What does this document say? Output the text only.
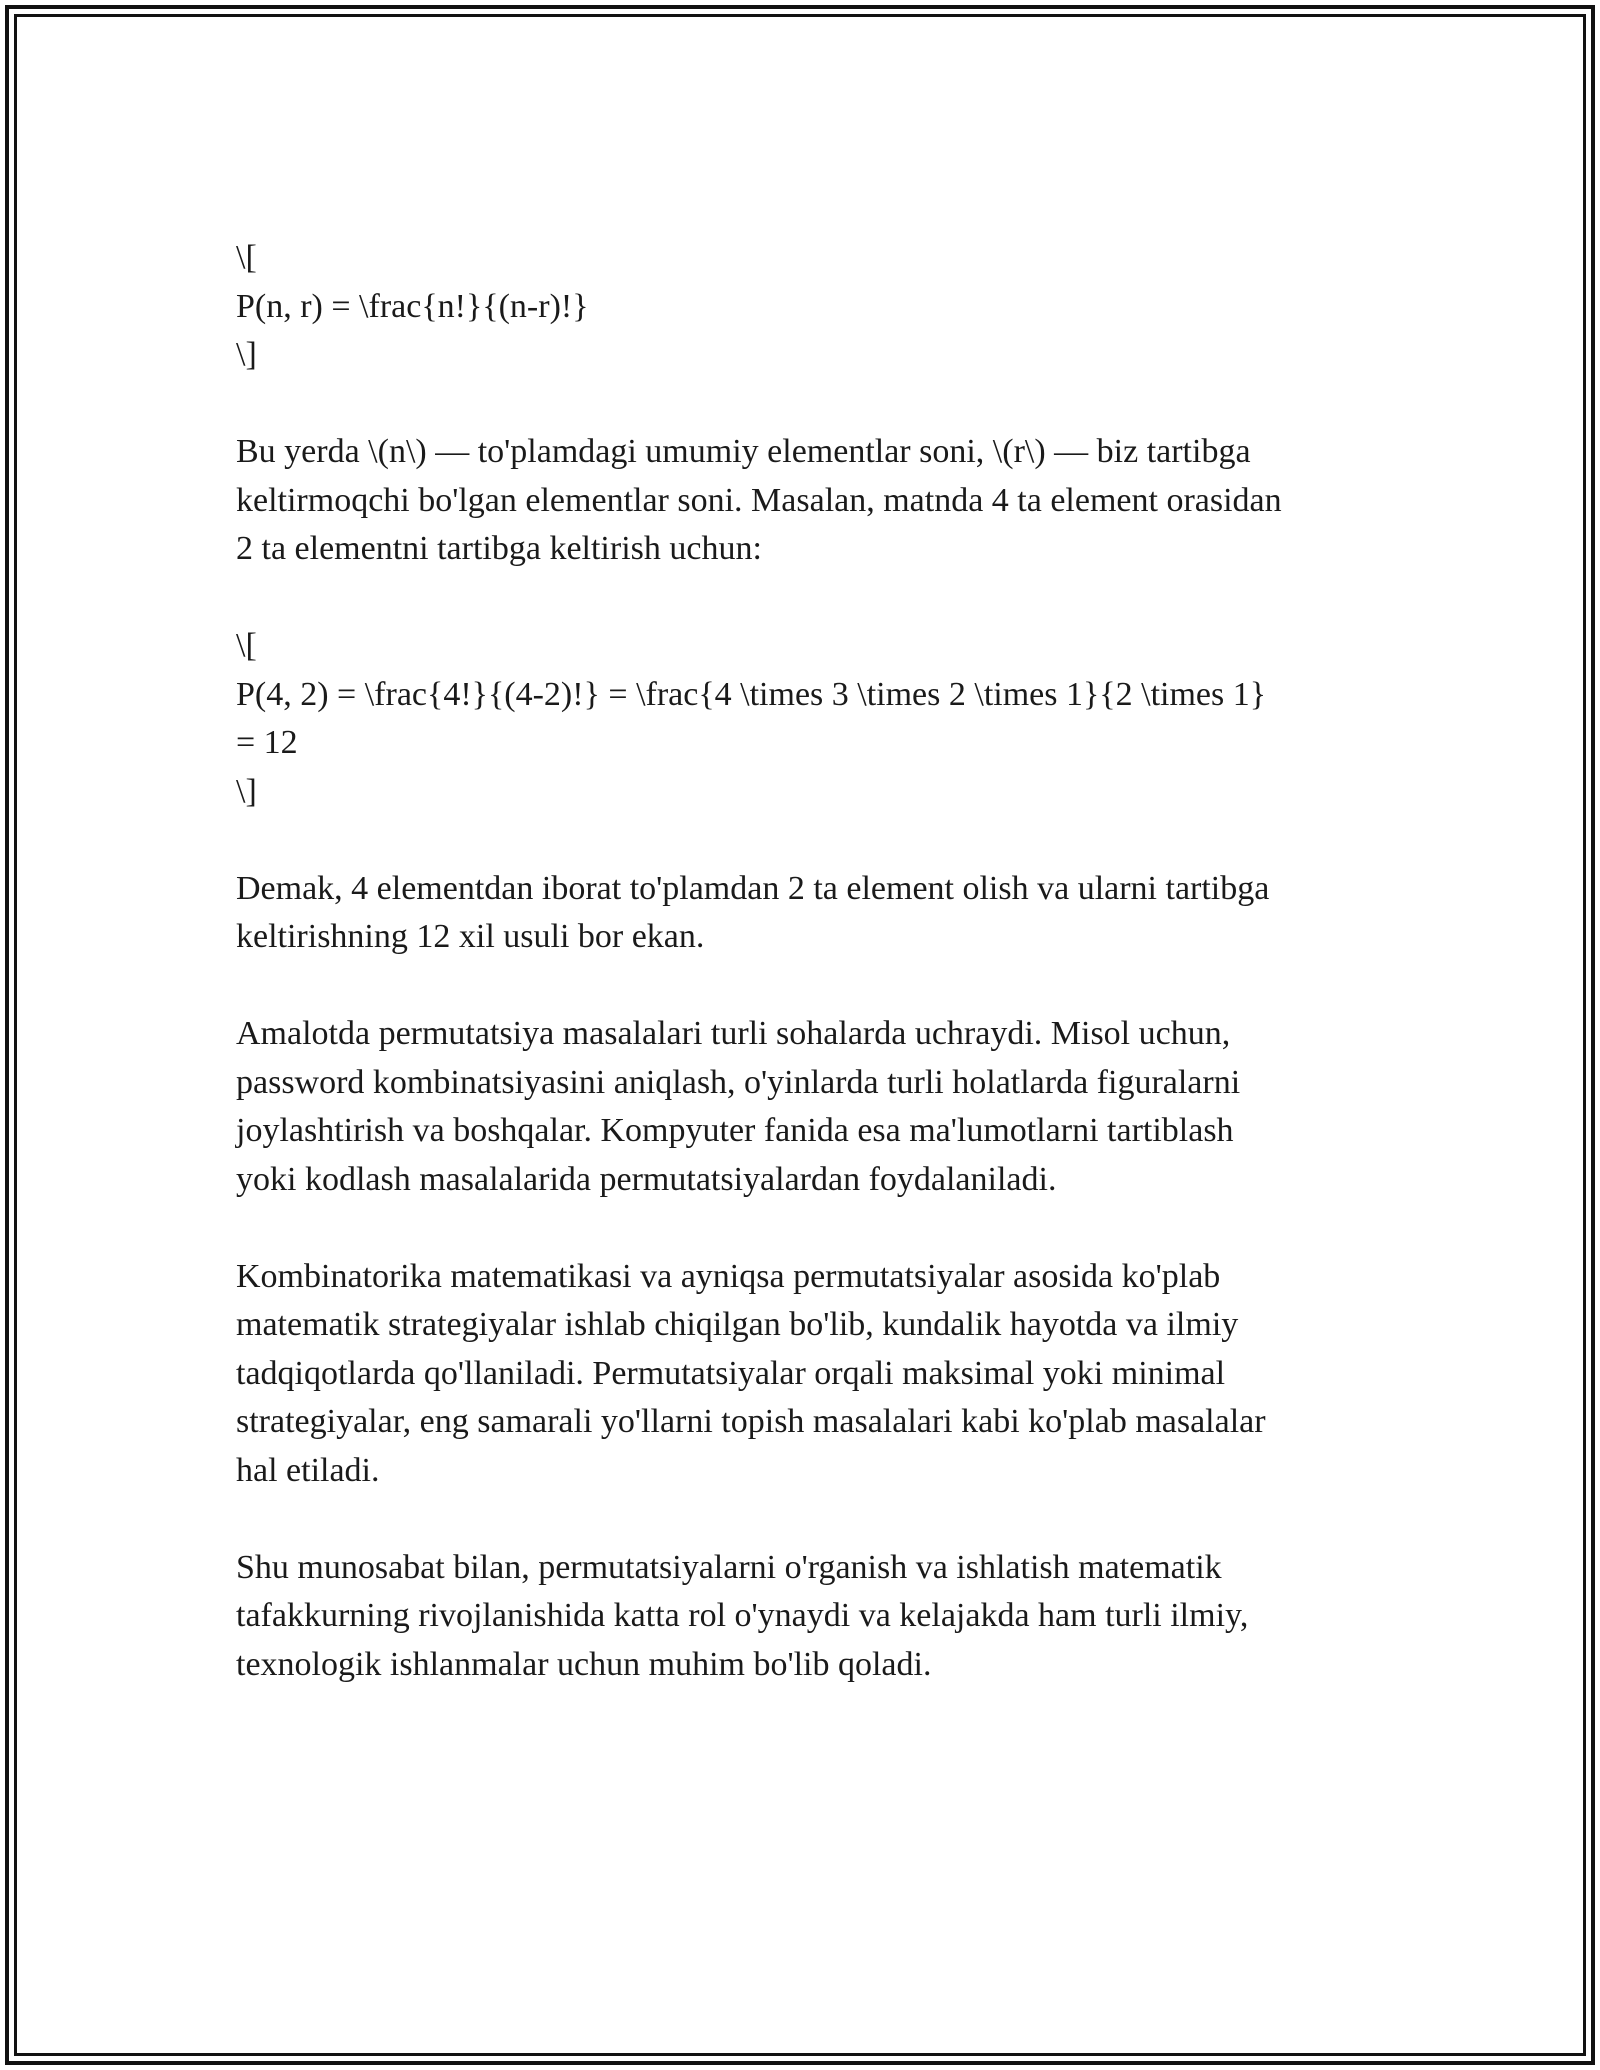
\[
P(n, r) = \frac{n!}{(n-r)!}
\]
Bu yerda \(n\) — to'plamdagi umumiy elementlar soni, \(r\) — biz tartibga
keltirmoqchi bo'lgan elementlar soni. Masalan, matnda 4 ta element orasidan
2 ta elementni tartibga keltirish uchun:
\[
P(4, 2) = \frac{4!}{(4-2)!} = \frac{4 \times 3 \times 2 \times 1}{2 \times 1}
= 12
\]
Demak, 4 elementdan iborat to'plamdan 2 ta element olish va ularni tartibga
keltirishning 12 xil usuli bor ekan.
Amalotda permutatsiya masalalari turli sohalarda uchraydi. Misol uchun,
password kombinatsiyasini aniqlash, o'yinlarda turli holatlarda figuralarni
joylashtirish va boshqalar. Kompyuter fanida esa ma'lumotlarni tartiblash
yoki kodlash masalalarida permutatsiyalardan foydalaniladi.
Kombinatorika matematikasi va ayniqsa permutatsiyalar asosida ko'plab
matematik strategiyalar ishlab chiqilgan bo'lib, kundalik hayotda va ilmiy
tadqiqotlarda qo'llaniladi. Permutatsiyalar orqali maksimal yoki minimal
strategiyalar, eng samarali yo'llarni topish masalalari kabi ko'plab masalalar
hal etiladi.
Shu munosabat bilan, permutatsiyalarni o'rganish va ishlatish matematik
tafakkurning rivojlanishida katta rol o'ynaydi va kelajakda ham turli ilmiy,
texnologik ishlanmalar uchun muhim bo'lib qoladi.
